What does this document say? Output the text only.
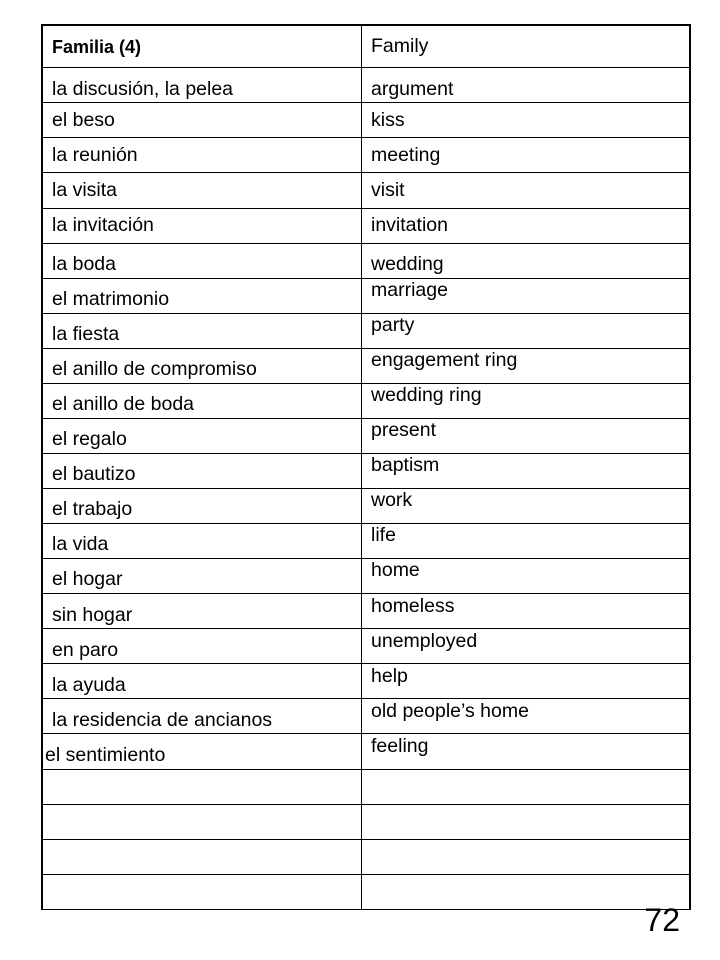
Familia (4)	Family
la discusión, la pelea	argument
el beso	kiss
la reunión	meeting
la visita	visit
la invitación	invitation
la boda	wedding
el matrimonio	marriage
la fiesta	party
el anillo de compromiso	engagement ring
el anillo de boda	wedding ring
el regalo	present
el bautizo	baptism
el trabajo	work
la vida	life
el hogar	home
sin hogar	homeless
en paro	unemployed
la ayuda	help
la residencia de ancianos	old people’s home
el sentimiento	feeling

72
